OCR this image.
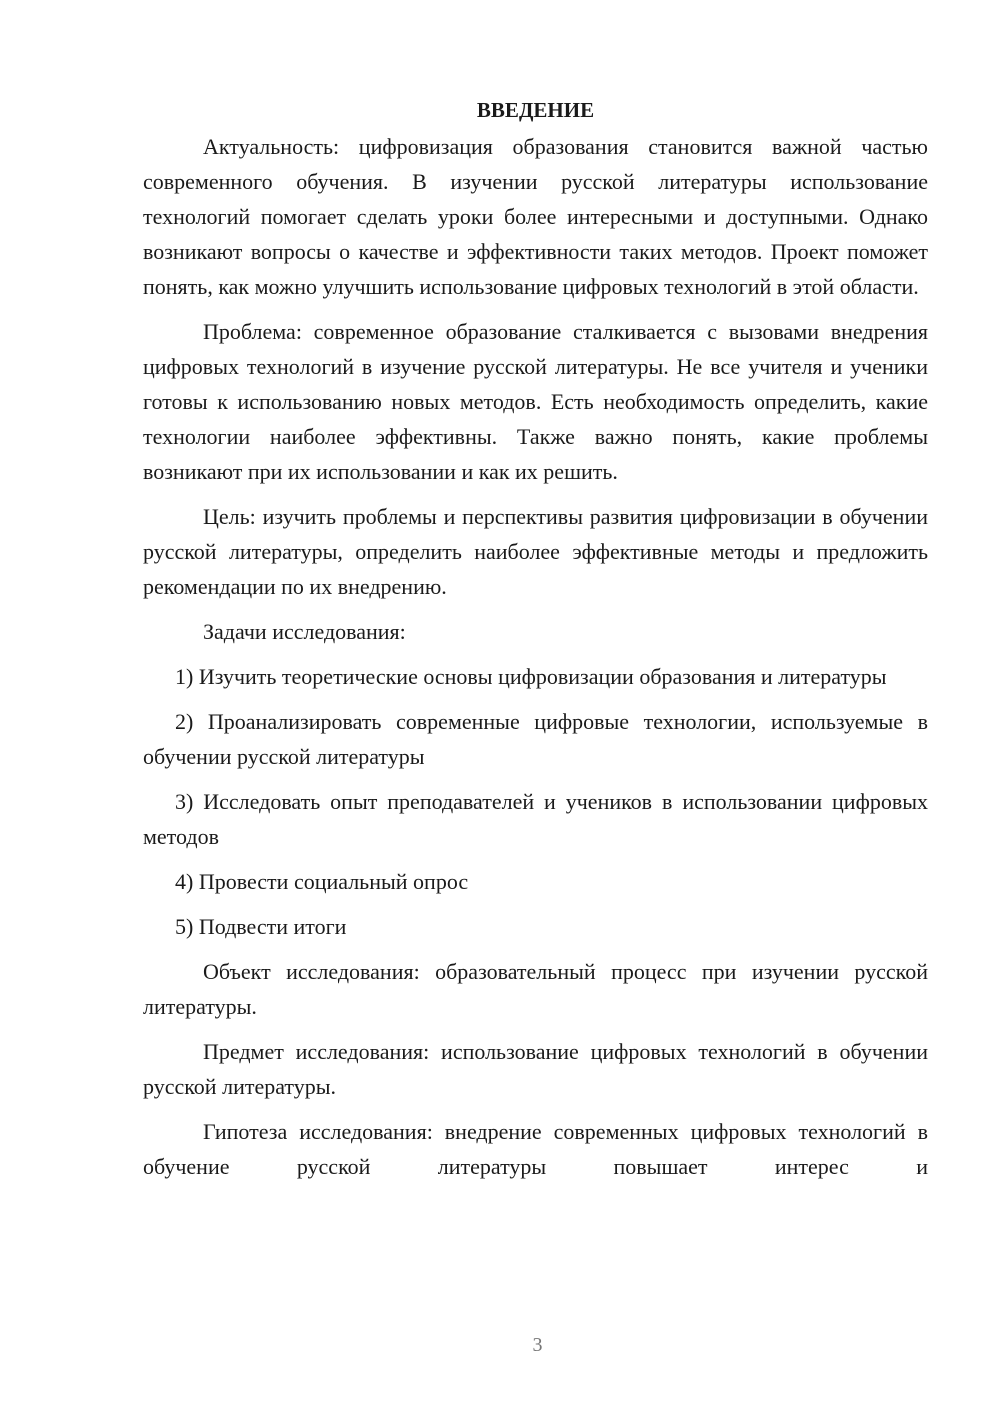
ВВЕДЕНИЕ

Актуальность: цифровизация образования становится важной частью современного обучения. В изучении русской литературы использование технологий помогает сделать уроки более интересными и доступными. Однако возникают вопросы о качестве и эффективности таких методов. Проект поможет понять, как можно улучшить использование цифровых технологий в этой области.

Проблема: современное образование сталкивается с вызовами внедрения цифровых технологий в изучение русской литературы. Не все учителя и ученики готовы к использованию новых методов. Есть необходимость определить, какие технологии наиболее эффективны. Также важно понять, какие проблемы возникают при их использовании и как их решить.

Цель: изучить проблемы и перспективы развития цифровизации в обучении русской литературы, определить наиболее эффективные методы и предложить рекомендации по их внедрению.

Задачи исследования:

1) Изучить теоретические основы цифровизации образования и литературы

2) Проанализировать современные цифровые технологии, используемые в обучении русской литературы

3) Исследовать опыт преподавателей и учеников в использовании цифровых методов

4) Провести социальный опрос

5) Подвести итоги

Объект исследования: образовательный процесс при изучении русской литературы.

Предмет исследования: использование цифровых технологий в обучении русской литературы.

Гипотеза исследования: внедрение современных цифровых технологий в обучение русской литературы повышает интерес и

3
